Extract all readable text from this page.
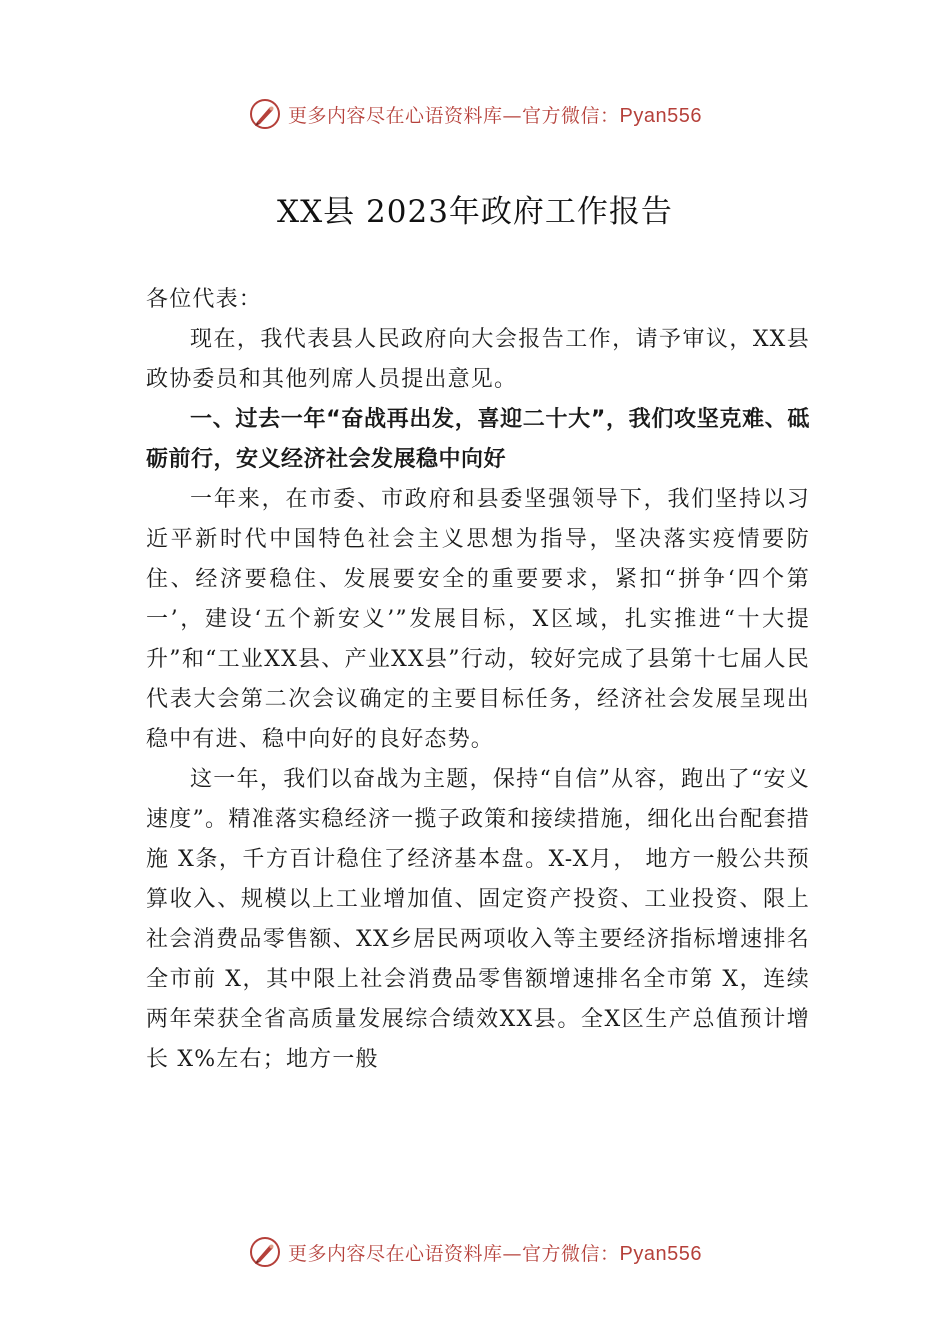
更多内容尽在心语资料库—官方微信：Pyan556
XX县 2023年政府工作报告

各位代表：

现在，我代表县人民政府向大会报告工作，请予审议，XX县政协委员和其他列席人员提出意见。

一、过去一年“奋战再出发，喜迎二十大”，我们攻坚克难、砥砺前行，安义经济社会发展稳中向好

一年来，在市委、市政府和县委坚强领导下，我们坚持以习近平新时代中国特色社会主义思想为指导，坚决落实疫情要防住、经济要稳住、发展要安全的重要要求，紧扣“拼争‘四个第一’，建设‘五个新安义’”发展目标，X区域，扎实推进“十大提升”和“工业XX县、产业XX县”行动，较好完成了县第十七届人民代表大会第二次会议确定的主要目标任务，经济社会发展呈现出稳中有进、稳中向好的良好态势。

这一年，我们以奋战为主题，保持“自信”从容，跑出了“安义速度”。精准落实稳经济一揽子政策和接续措施，细化出台配套措施 X条，千方百计稳住了经济基本盘。X-X月， 地方一般公共预算收入、规模以上工业增加值、固定资产投资、工业投资、限上社会消费品零售额、XX乡居民两项收入等主要经济指标增速排名全市前 X，其中限上社会消费品零售额增速排名全市第 X，连续两年荣获全省高质量发展综合绩效XX县。全X区生产总值预计增长 X%左右；地方一般

更多内容尽在心语资料库—官方微信：Pyan556
